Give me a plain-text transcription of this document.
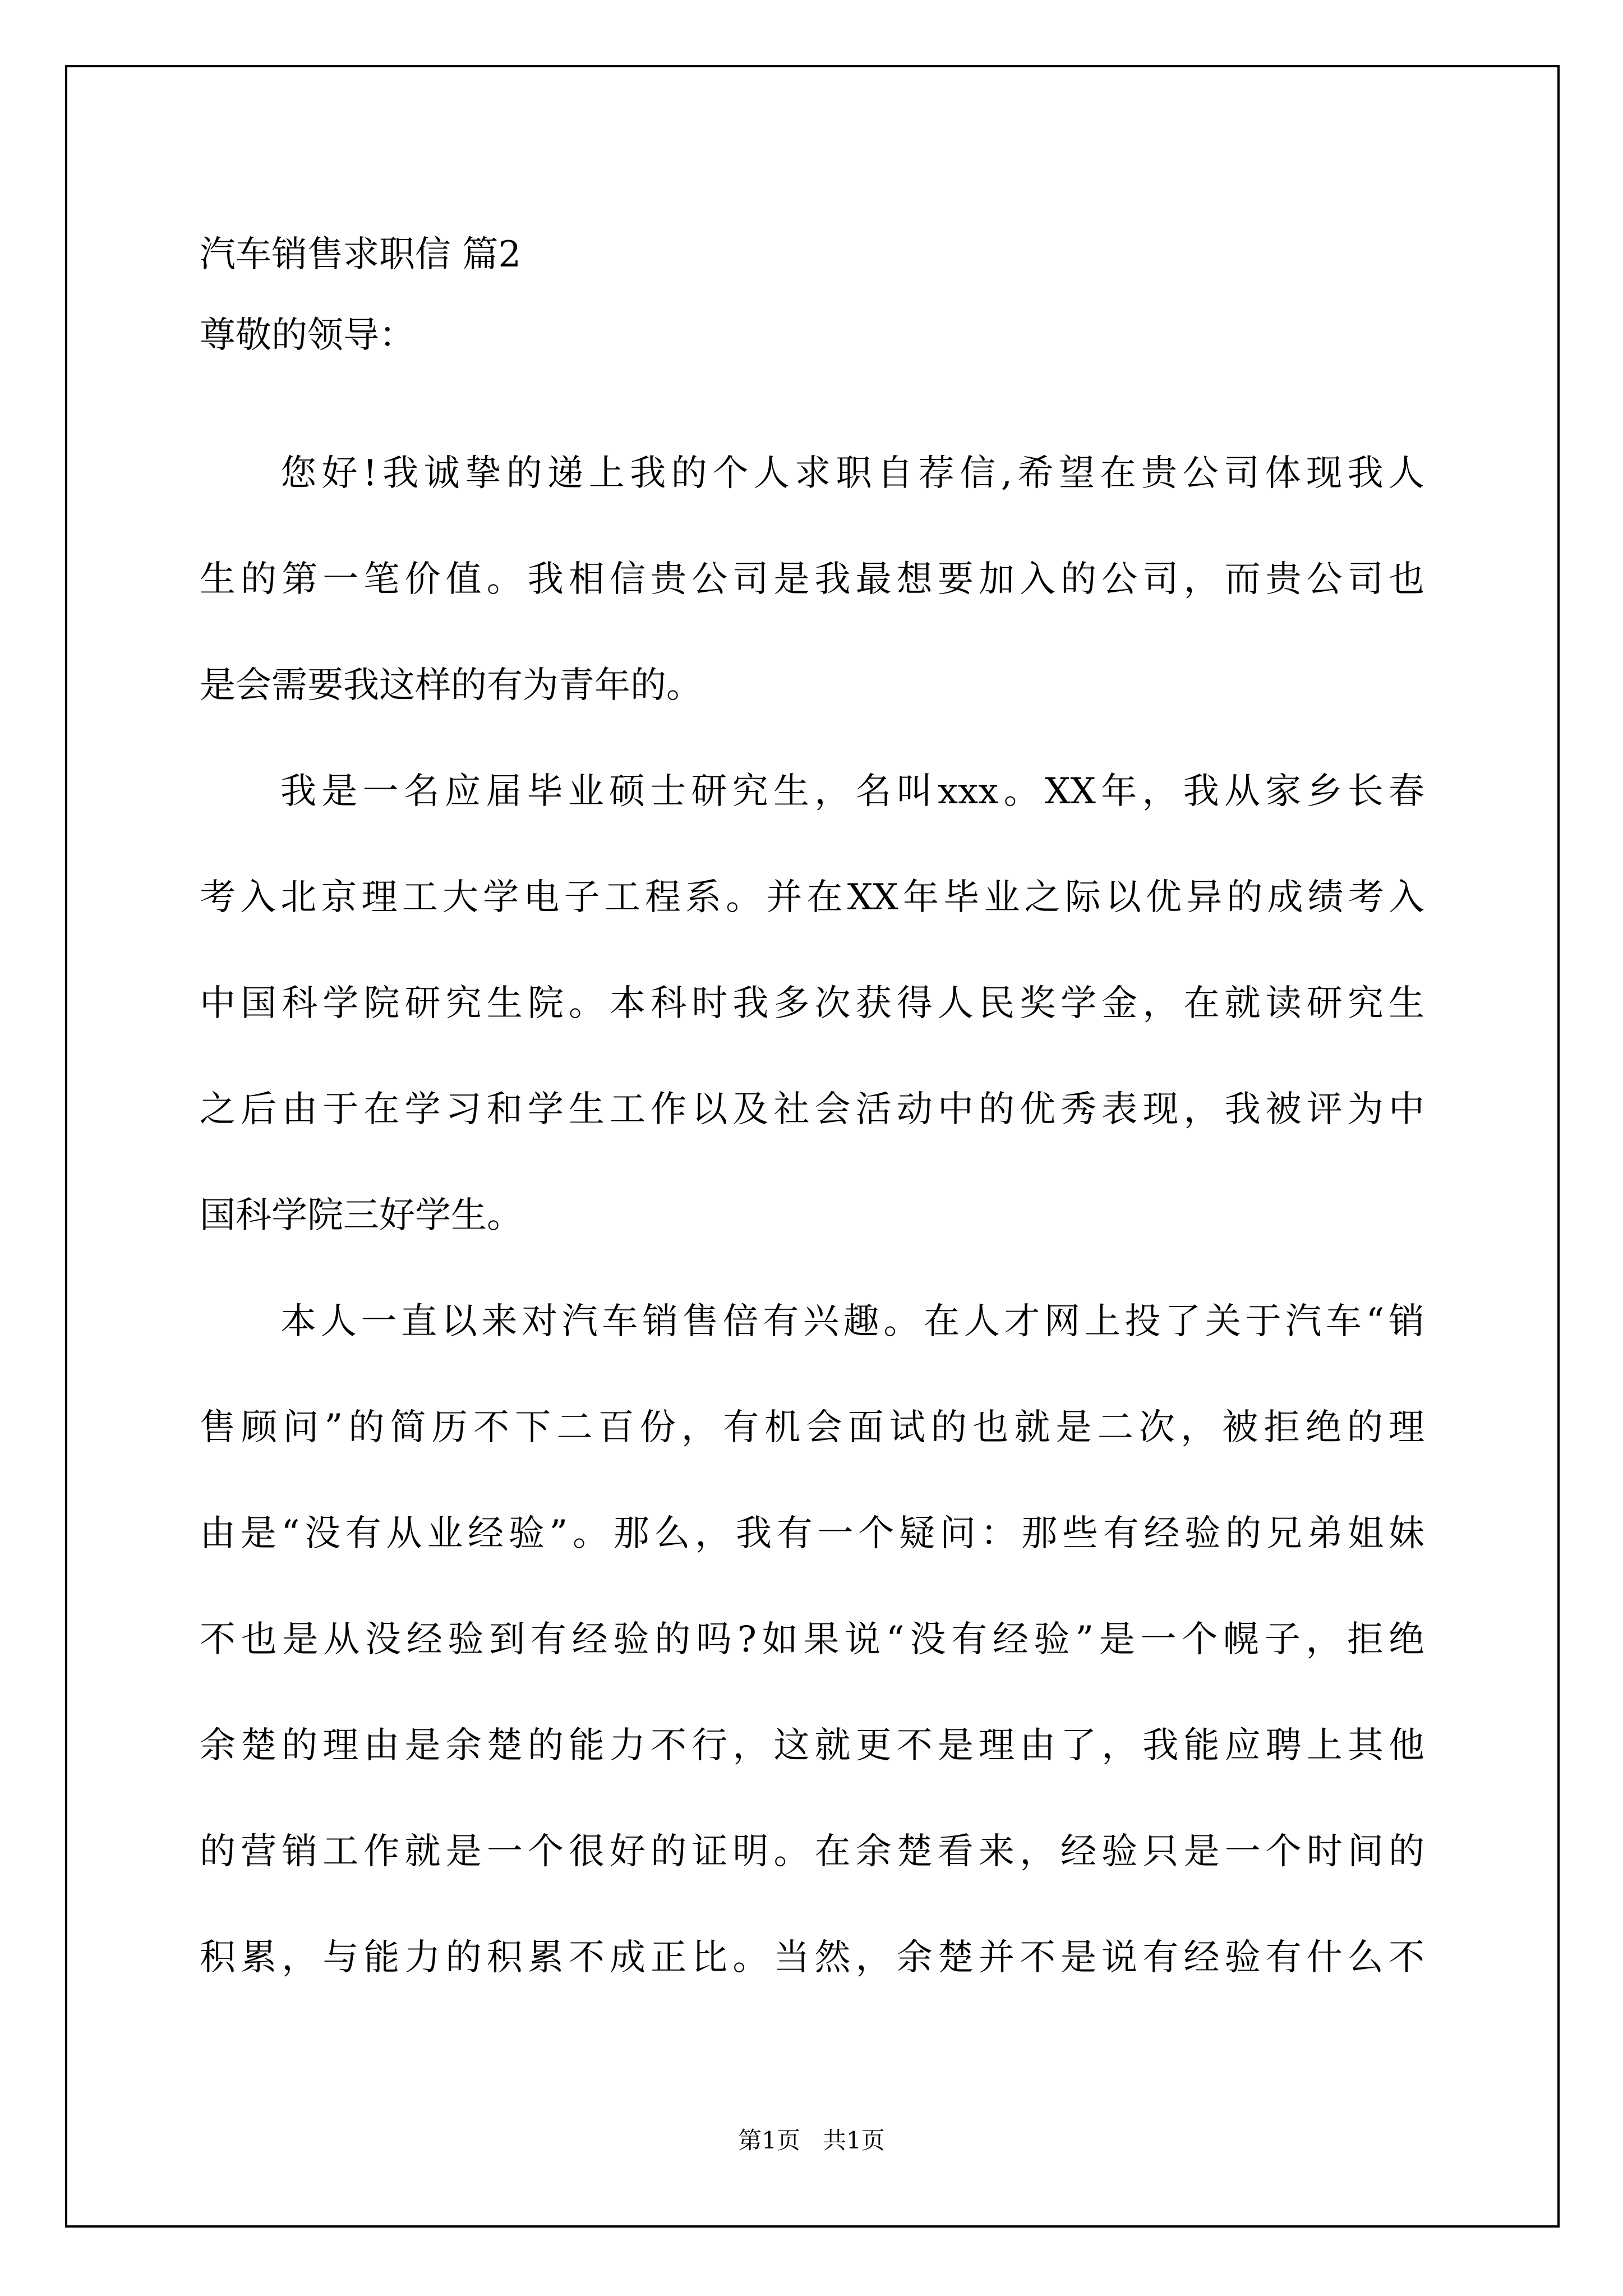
汽车销售求职信 篇2

尊敬的领导：

您好!我诚挚的递上我的个人求职自荐信,希望在贵公司体现我人

生的第一笔价值。我相信贵公司是我最想要加入的公司，而贵公司也

是会需要我这样的有为青年的。

我是一名应届毕业硕士研究生，名叫xxx。XX年，我从家乡长春

考入北京理工大学电子工程系。并在XX年毕业之际以优异的成绩考入

中国科学院研究生院。本科时我多次获得人民奖学金，在就读研究生

之后由于在学习和学生工作以及社会活动中的优秀表现，我被评为中

国科学院三好学生。

本人一直以来对汽车销售倍有兴趣。在人才网上投了关于汽车“销

售顾问”的简历不下二百份，有机会面试的也就是二次，被拒绝的理

由是“没有从业经验”。那么，我有一个疑问：那些有经验的兄弟姐妹

不也是从没经验到有经验的吗?如果说“没有经验”是一个幌子，拒绝

余楚的理由是余楚的能力不行，这就更不是理由了，我能应聘上其他

的营销工作就是一个很好的证明。在余楚看来，经验只是一个时间的

积累，与能力的积累不成正比。当然，余楚并不是说有经验有什么不

第1页   共1页
